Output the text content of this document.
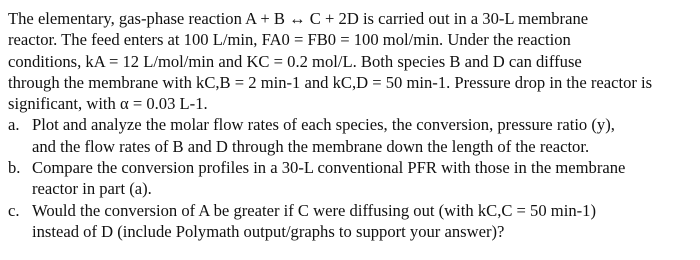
The elementary, gas-phase reaction A + B ↔ C + 2D is carried out in a 30-L membrane
reactor. The feed enters at 100 L/min, FA0 = FB0 = 100 mol/min. Under the reaction
conditions, kA = 12 L/mol/min and KC = 0.2 mol/L. Both species B and D can diffuse
through the membrane with kC,B = 2 min-1 and kC,D = 50 min-1. Pressure drop in the reactor is
significant, with α = 0.03 L-1.
a. Plot and analyze the molar flow rates of each species, the conversion, pressure ratio (y),
and the flow rates of B and D through the membrane down the length of the reactor.
b. Compare the conversion profiles in a 30-L conventional PFR with those in the membrane
reactor in part (a).
c. Would the conversion of A be greater if C were diffusing out (with kC,C = 50 min-1)
instead of D (include Polymath output/graphs to support your answer)?
